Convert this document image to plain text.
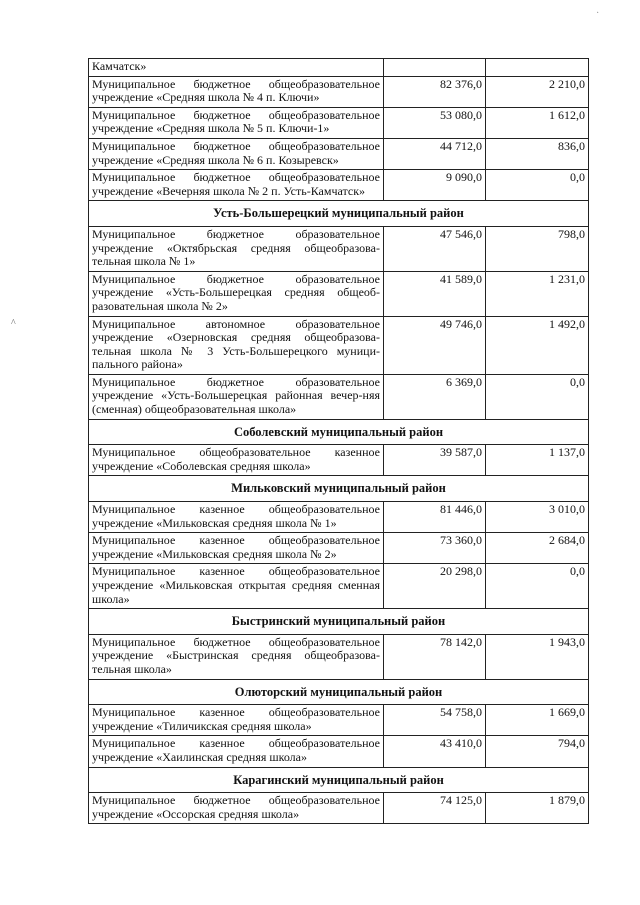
·
^
Камчатск»		
Муниципальное бюджетное общеобразовательное учреждение «Средняя школа № 4 п. Ключи»	82 376,0	2 210,0
Муниципальное бюджетное общеобразовательное учреждение «Средняя школа № 5 п. Ключи-1»	53 080,0	1 612,0
Муниципальное бюджетное общеобразовательное учреждение «Средняя школа № 6 п. Козыревск»	44 712,0	836,0
Муниципальное бюджетное общеобразовательное учреждение «Вечерняя школа № 2 п. Усть-Камчатск»	9 090,0	0,0
Усть-Большерецкий муниципальный район		
Муниципальное бюджетное образовательное учреждение «Октябрьская средняя общеобразова-тельная школа № 1»	47 546,0	798,0
Муниципальное бюджетное образовательное учреждение «Усть-Большерецкая средняя общеоб-разовательная школа № 2»	41 589,0	1 231,0
Муниципальное автономное образовательное учреждение «Озерновская средняя общеобразова-тельная школа № 3 Усть-Большерецкого муници-пального района»	49 746,0	1 492,0
Муниципальное бюджетное образовательное учреждение «Усть-Большерецкая районная вечер-няя (сменная) общеобразовательная школа»	6 369,0	0,0
Соболевский муниципальный район		
Муниципальное общеобразовательное казенное учреждение «Соболевская средняя школа»	39 587,0	1 137,0
Мильковский муниципальный район		
Муниципальное казенное общеобразовательное учреждение «Мильковская средняя школа № 1»	81 446,0	3 010,0
Муниципальное казенное общеобразовательное учреждение «Мильковская средняя школа № 2»	73 360,0	2 684,0
Муниципальное казенное общеобразовательное учреждение «Мильковская открытая средняя сменная школа»	20 298,0	0,0
Быстринский муниципальный район		
Муниципальное бюджетное общеобразовательное учреждение «Быстринская средняя общеобразова-тельная школа»	78 142,0	1 943,0
Олюторский муниципальный район		
Муниципальное казенное общеобразовательное учреждение «Тиличикская средняя школа»	54 758,0	1 669,0
Муниципальное казенное общеобразовательное учреждение «Хаилинская средняя школа»	43 410,0	794,0
Карагинский муниципальный район		
Муниципальное бюджетное общеобразовательное учреждение «Оссорская средняя школа»	74 125,0	1 879,0
